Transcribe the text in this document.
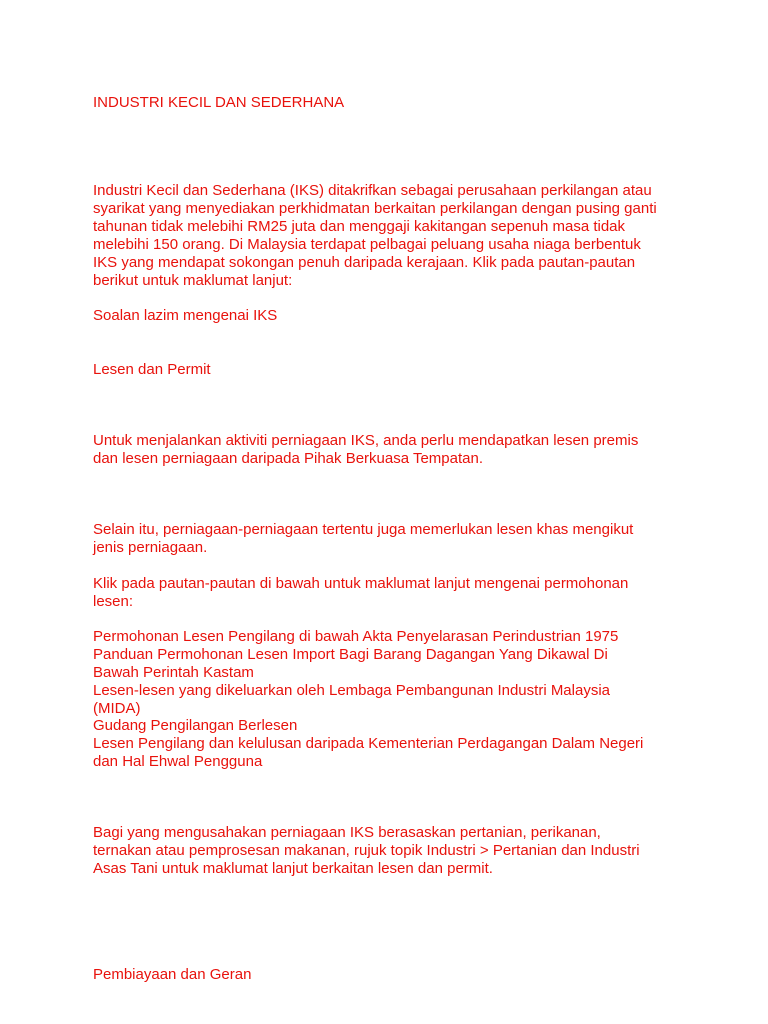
INDUSTRI KECIL DAN SEDERHANA

Industri Kecil dan Sederhana (IKS) ditakrifkan sebagai perusahaan perkilangan atau

syarikat yang menyediakan perkhidmatan berkaitan perkilangan dengan pusing ganti

tahunan tidak melebihi RM25 juta dan menggaji kakitangan sepenuh masa tidak

melebihi 150 orang. Di Malaysia terdapat pelbagai peluang usaha niaga berbentuk

IKS yang mendapat sokongan penuh daripada kerajaan. Klik pada pautan-pautan

berikut untuk maklumat lanjut:

Soalan lazim mengenai IKS

Lesen dan Permit

Untuk menjalankan aktiviti perniagaan IKS, anda perlu mendapatkan lesen premis

dan lesen perniagaan daripada Pihak Berkuasa Tempatan.

Selain itu, perniagaan-perniagaan tertentu juga memerlukan lesen khas mengikut

jenis perniagaan.

Klik pada pautan-pautan di bawah untuk maklumat lanjut mengenai permohonan

lesen:

Permohonan Lesen Pengilang di bawah Akta Penyelarasan Perindustrian 1975

Panduan Permohonan Lesen Import Bagi Barang Dagangan Yang Dikawal Di

Bawah Perintah Kastam

Lesen-lesen yang dikeluarkan oleh Lembaga Pembangunan Industri Malaysia

(MIDA)

Gudang Pengilangan Berlesen

Lesen Pengilang dan kelulusan daripada Kementerian Perdagangan Dalam Negeri

dan Hal Ehwal Pengguna

Bagi yang mengusahakan perniagaan IKS berasaskan pertanian, perikanan,

ternakan atau pemprosesan makanan, rujuk topik Industri > Pertanian dan Industri

Asas Tani untuk maklumat lanjut berkaitan lesen dan permit.

Pembiayaan dan Geran
